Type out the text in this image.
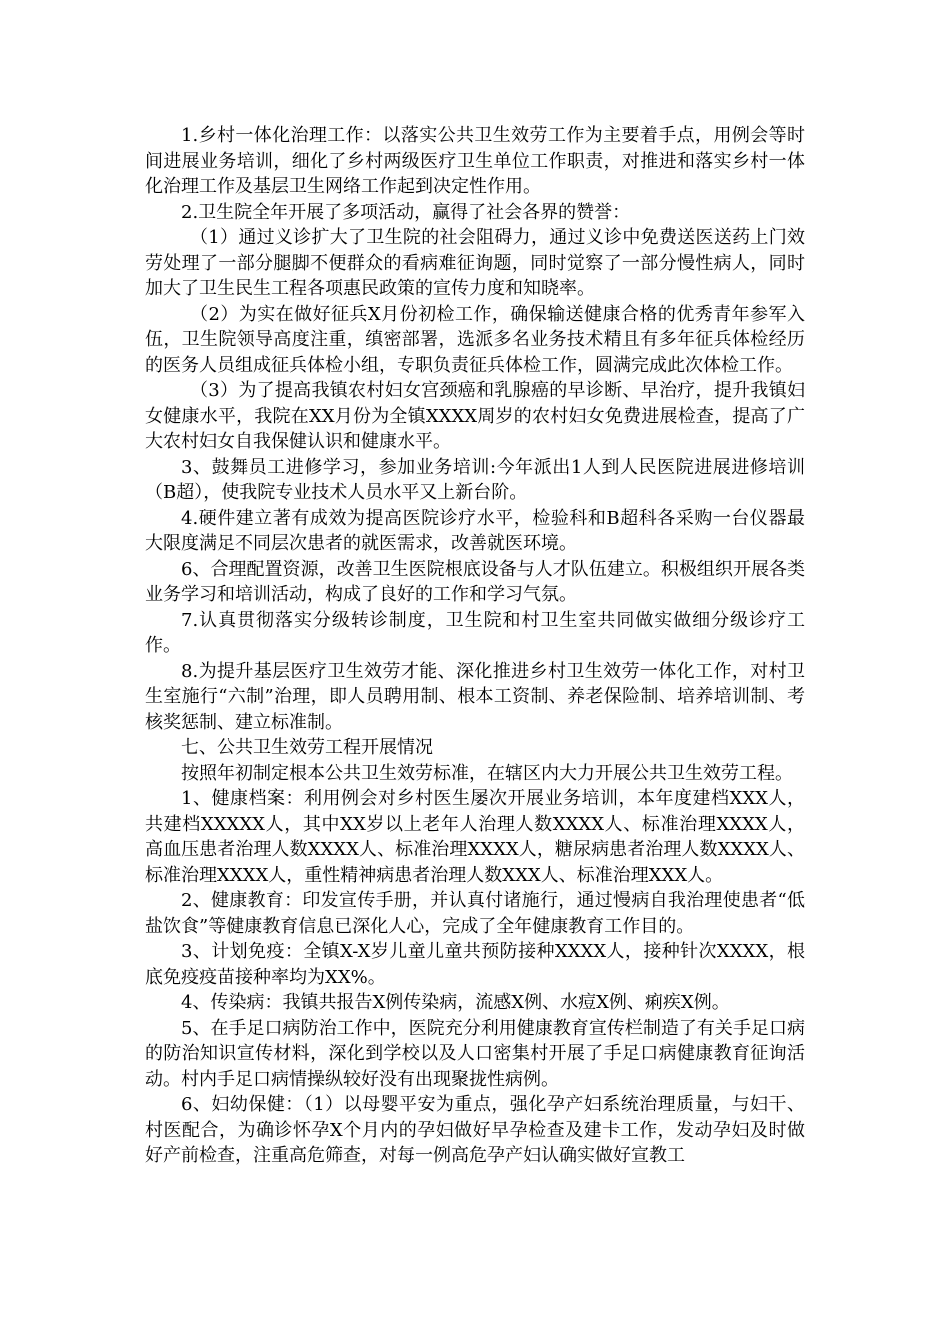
1.乡村一体化治理工作：以落实公共卫生效劳工作为主要着手点，用例会等时间进展业务培训，细化了乡村两级医疗卫生单位工作职责，对推进和落实乡村一体化治理工作及基层卫生网络工作起到决定性作用。

2.卫生院全年开展了多项活动，赢得了社会各界的赞誉：

（1）通过义诊扩大了卫生院的社会阻碍力，通过义诊中免费送医送药上门效劳处理了一部分腿脚不便群众的看病难征询题，同时觉察了一部分慢性病人，同时加大了卫生民生工程各项惠民政策的宣传力度和知晓率。

（2）为实在做好征兵X月份初检工作，确保输送健康合格的优秀青年参军入伍，卫生院领导高度注重，缜密部署，选派多名业务技术精且有多年征兵体检经历的医务人员组成征兵体检小组，专职负责征兵体检工作，圆满完成此次体检工作。

（3）为了提高我镇农村妇女宫颈癌和乳腺癌的早诊断、早治疗，提升我镇妇女健康水平，我院在XX月份为全镇XXXX周岁的农村妇女免费进展检查，提高了广大农村妇女自我保健认识和健康水平。

3、鼓舞员工进修学习，参加业务培训:今年派出1人到人民医院进展进修培训（B超），使我院专业技术人员水平又上新台阶。

4.硬件建立著有成效为提高医院诊疗水平，检验科和B超科各采购一台仪器最大限度满足不同层次患者的就医需求，改善就医环境。

6、合理配置资源，改善卫生医院根底设备与人才队伍建立。积极组织开展各类业务学习和培训活动，构成了良好的工作和学习气氛。

7.认真贯彻落实分级转诊制度，卫生院和村卫生室共同做实做细分级诊疗工作。

8.为提升基层医疗卫生效劳才能、深化推进乡村卫生效劳一体化工作，对村卫生室施行“六制”治理，即人员聘用制、根本工资制、养老保险制、培养培训制、考核奖惩制、建立标准制。

七、公共卫生效劳工程开展情况

按照年初制定根本公共卫生效劳标准，在辖区内大力开展公共卫生效劳工程。

1、健康档案：利用例会对乡村医生屡次开展业务培训，本年度建档XXX人，共建档XXXXX人，其中XX岁以上老年人治理人数XXXX人、标准治理XXXX人，高血压患者治理人数XXXX人、标准治理XXXX人，糖尿病患者治理人数XXXX人、标准治理XXXX人，重性精神病患者治理人数XXX人、标准治理XXX人。

2、健康教育：印发宣传手册，并认真付诸施行，通过慢病自我治理使患者“低盐饮食”等健康教育信息已深化人心，完成了全年健康教育工作目的。

3、计划免疫：全镇X-X岁儿童儿童共预防接种XXXX人，接种针次XXXX，根底免疫疫苗接种率均为XX%。

4、传染病：我镇共报告X例传染病，流感X例、水痘X例、痢疾X例。

5、在手足口病防治工作中，医院充分利用健康教育宣传栏制造了有关手足口病的防治知识宣传材料，深化到学校以及人口密集村开展了手足口病健康教育征询活动。村内手足口病情操纵较好没有出现聚拢性病例。

6、妇幼保健：（1）以母婴平安为重点，强化孕产妇系统治理质量，与妇干、村医配合，为确诊怀孕X个月内的孕妇做好早孕检查及建卡工作，发动孕妇及时做好产前检查，注重高危筛查，对每一例高危孕产妇认确实做好宣教工
